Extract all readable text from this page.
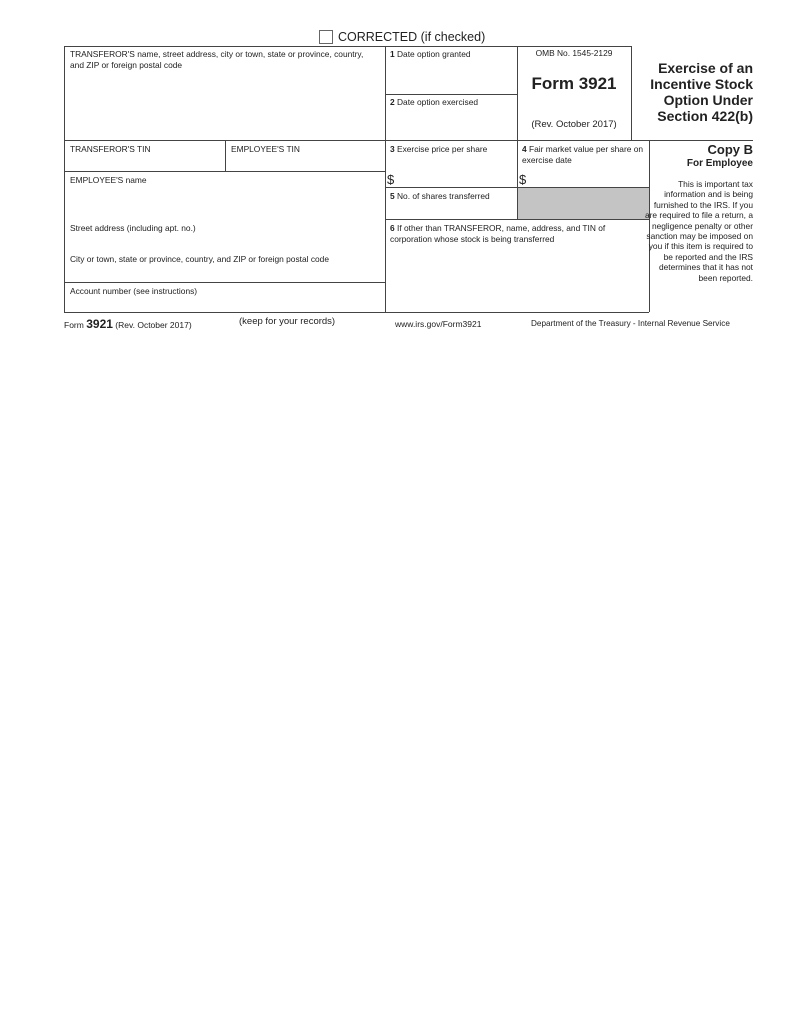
CORRECTED (if checked)
TRANSFEROR'S name, street address, city or town, state or province, country, and ZIP or foreign postal code
TRANSFEROR'S TIN	EMPLOYEE'S TIN
EMPLOYEE'S name
Street address (including apt. no.)
City or town, state or province, country, and ZIP or foreign postal code
Account number (see instructions)
1 Date option granted
2 Date option exercised
3 Exercise price per share
$
4 Fair market value per share on exercise date
$
5 No. of shares transferred
6 If other than TRANSFEROR, name, address, and TIN of corporation whose stock is being transferred
OMB No. 1545-2129
Form 3921
(Rev. October 2017)
Exercise of an Incentive Stock Option Under Section 422(b)
Copy B
For Employee
This is important tax information and is being furnished to the IRS. If you are required to file a return, a negligence penalty or other sanction may be imposed on you if this item is required to be reported and the IRS determines that it has not been reported.
Form 3921 (Rev. October 2017)	(keep for your records)	www.irs.gov/Form3921	Department of the Treasury - Internal Revenue Service
